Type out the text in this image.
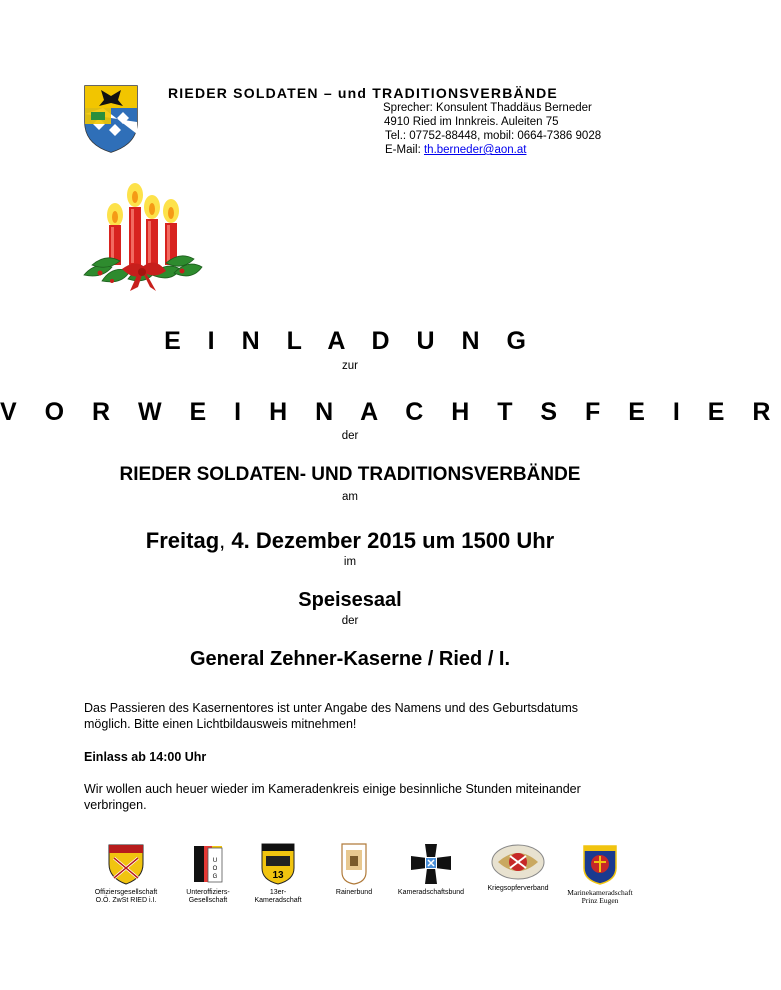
RIEDER SOLDATEN – und TRADITIONSVERBÄNDE
Sprecher: Konsulent Thaddäus Berneder
4910 Ried im Innkreis. Auleiten 75
Tel.: 07752-88448, mobil: 0664-7386 9028
E-Mail: th.berneder@aon.at
E I N L A D U N G
zur
V O R W E I H N A C H T S F E I E R
der
RIEDER SOLDATEN- UND TRADITIONSVERBÄNDE
am
Freitag, 4. Dezember 2015 um 1500 Uhr
im
Speisesaal
der
General Zehner-Kaserne / Ried / I.
Das Passieren des Kasernentores ist unter Angabe des Namens und des Geburtsdatums möglich. Bitte einen Lichtbildausweis mitnehmen!
Einlass ab 14:00 Uhr
Wir wollen auch heuer wieder im Kameradenkreis einige besinnliche Stunden miteinander verbringen.
Offiziersgesellschaft
O.Ö. ZwSt RIED i.I.
U
O
G
Unteroffiziers-
Gesellschaft
13
13er-
Kameradschaft
Rainerbund	Kameradschaftsbund
Kriegsopferverband	Marinekameradschaft
Prinz Eugen
